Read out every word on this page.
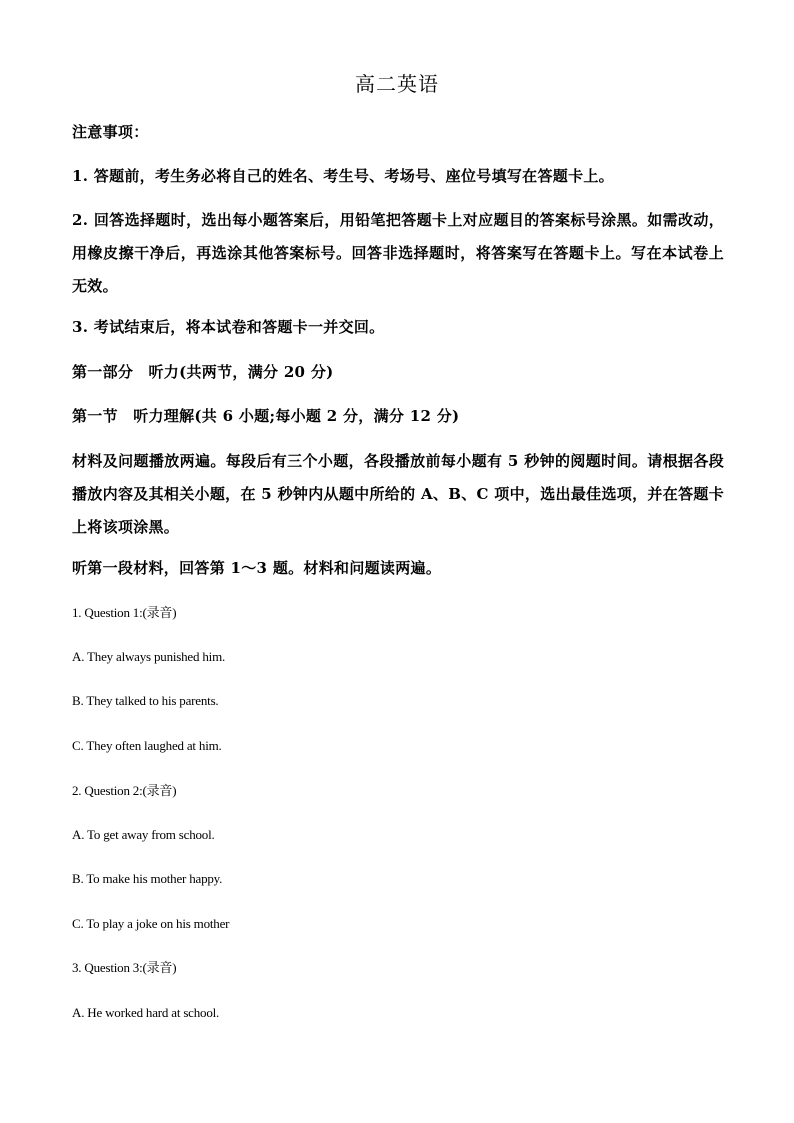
高二英语
注意事项：
1. 答题前，考生务必将自己的姓名、考生号、考场号、座位号填写在答题卡上。
2. 回答选择题时，选出每小题答案后，用铅笔把答题卡上对应题目的答案标号涂黑。如需改动，用橡皮擦干净后，再选涂其他答案标号。回答非选择题时，将答案写在答题卡上。写在本试卷上无效。
3. 考试结束后，将本试卷和答题卡一并交回。
第一部分　听力(共两节，满分 20 分)
第一节　听力理解(共 6 小题;每小题 2 分，满分 12 分)
材料及问题播放两遍。每段后有三个小题，各段播放前每小题有 5 秒钟的阅题时间。请根据各段播放内容及其相关小题，在 5 秒钟内从题中所给的 A、B、C 项中，选出最佳选项，并在答题卡上将该项涂黑。
听第一段材料，回答第 1～3 题。材料和问题读两遍。
1. Question 1:(录音)
A. They always punished him.
B. They talked to his parents.
C. They often laughed at him.
2. Question 2:(录音)
A. To get away from school.
B. To make his mother happy.
C. To play a joke on his mother
3. Question 3:(录音)
A. He worked hard at school.
